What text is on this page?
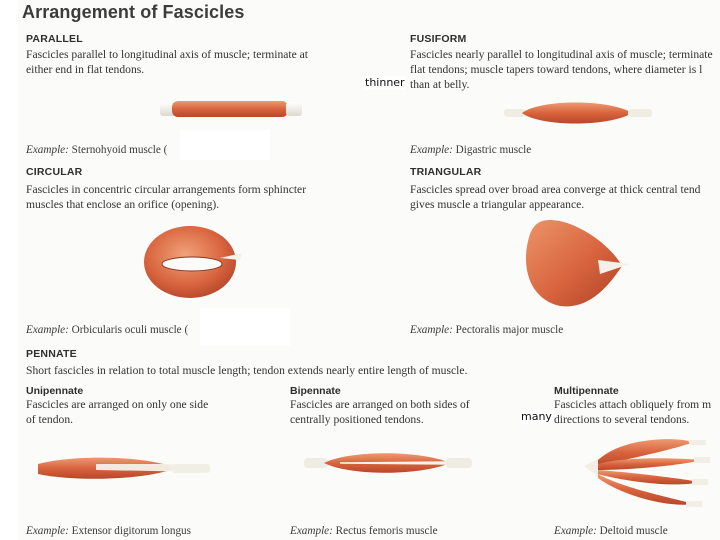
Arrangement of Fascicles
PARALLEL
Fascicles parallel to longitudinal axis of muscle; terminate at
either end in flat tendons.
Example: Sternohyoid muscle (
FUSIFORM
Fascicles nearly parallel to longitudinal axis of muscle; terminate
flat tendons; muscle tapers toward tendons, where diameter is l
than at belly.
thinner
Example: Digastric muscle
CIRCULAR
Fascicles in concentric circular arrangements form sphincter
muscles that enclose an orifice (opening).
Example: Orbicularis oculi muscle (
TRIANGULAR
Fascicles spread over broad area converge at thick central tend
gives muscle a triangular appearance.
Example: Pectoralis major muscle
PENNATE
Short fascicles in relation to total muscle length; tendon extends nearly entire length of muscle.
Unipennate
Fascicles are arranged on only one side
of tendon.
Example: Extensor digitorum longus
Bipennate
Fascicles are arranged on both sides of
centrally positioned tendons.
Example: Rectus femoris muscle
Multipennate
Fascicles attach obliquely from m
directions to several tendons.
many
Example: Deltoid muscle
